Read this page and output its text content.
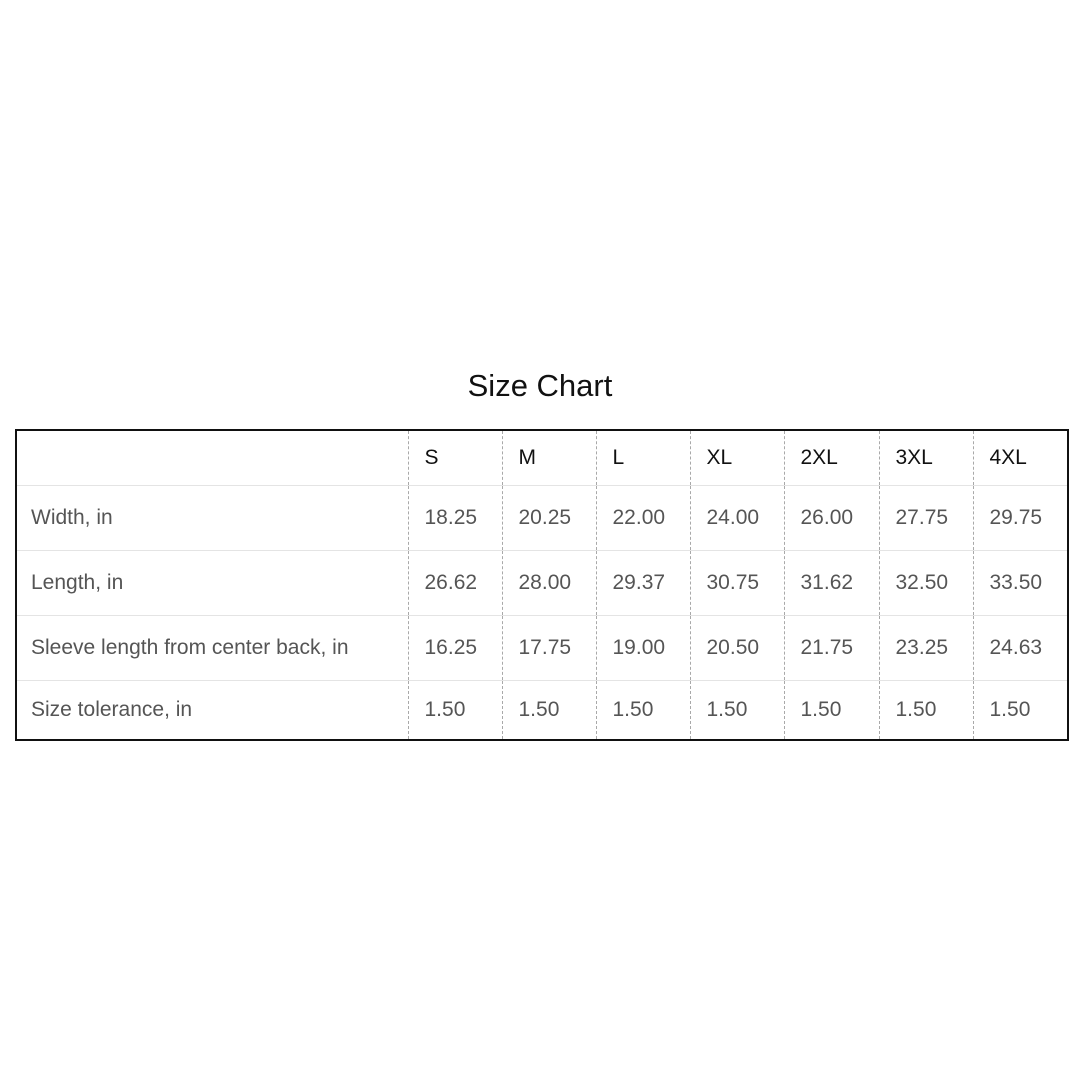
Size Chart
	S	M	L	XL	2XL	3XL	4XL
Width, in	18.25	20.25	22.00	24.00	26.00	27.75	29.75
Length, in	26.62	28.00	29.37	30.75	31.62	32.50	33.50
Sleeve length from center back, in	16.25	17.75	19.00	20.50	21.75	23.25	24.63
Size tolerance, in	1.50	1.50	1.50	1.50	1.50	1.50	1.50
